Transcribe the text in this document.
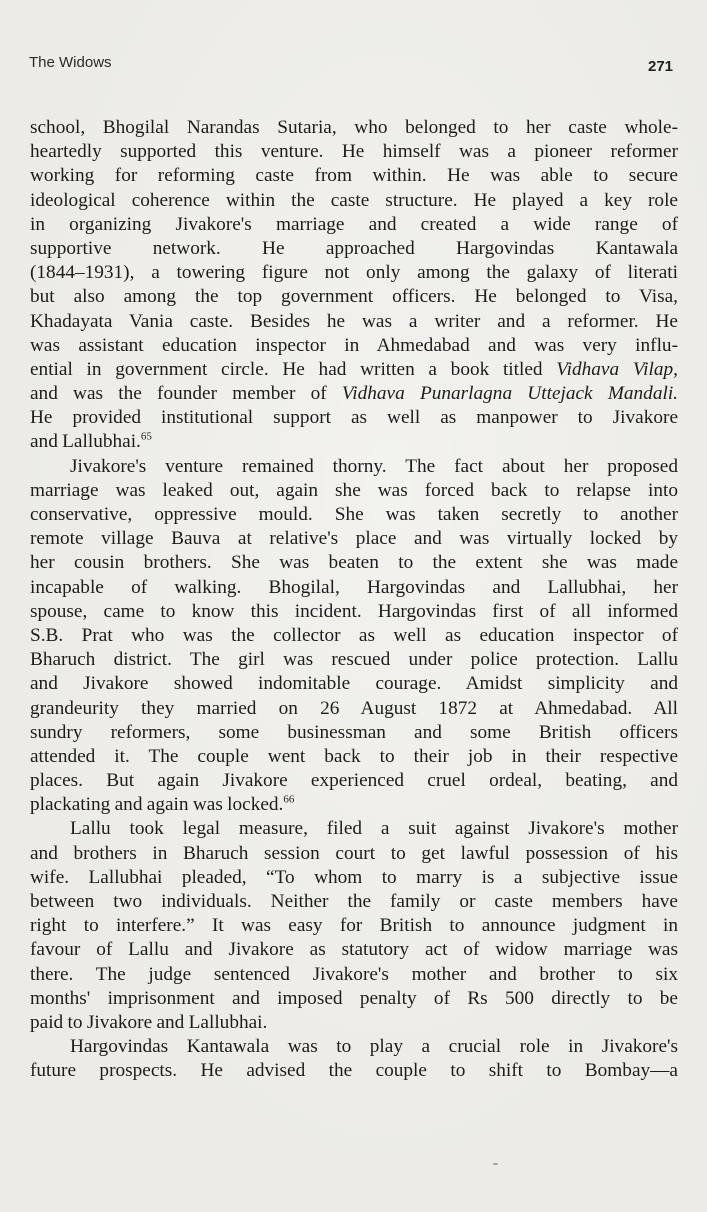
The Widows	271
school, Bhogilal Narandas Sutaria, who belonged to her caste whole-
heartedly supported this venture. He himself was a pioneer reformer
working for reforming caste from within. He was able to secure
ideological coherence within the caste structure. He played a key role
in organizing Jivakore's marriage and created a wide range of
supportive network. He approached Hargovindas Kantawala
(1844–1931), a towering figure not only among the galaxy of literati
but also among the top government officers. He belonged to Visa,
Khadayata Vania caste. Besides he was a writer and a reformer. He
was assistant education inspector in Ahmedabad and was very influ-
ential in government circle. He had written a book titled Vidhava Vilap,
and was the founder member of Vidhava Punarlagna Uttejack Mandali.
He provided institutional support as well as manpower to Jivakore
and Lallubhai.$^{65}$
Jivakore's venture remained thorny. The fact about her proposed
marriage was leaked out, again she was forced back to relapse into
conservative, oppressive mould. She was taken secretly to another
remote village Bauva at relative's place and was virtually locked by
her cousin brothers. She was beaten to the extent she was made
incapable of walking. Bhogilal, Hargovindas and Lallubhai, her
spouse, came to know this incident. Hargovindas first of all informed
S.B. Prat who was the collector as well as education inspector of
Bharuch district. The girl was rescued under police protection. Lallu
and Jivakore showed indomitable courage. Amidst simplicity and
grandeurity they married on 26 August 1872 at Ahmedabad. All
sundry reformers, some businessman and some British officers
attended it. The couple went back to their job in their respective
places. But again Jivakore experienced cruel ordeal, beating, and
plackating and again was locked.$^{66}$
Lallu took legal measure, filed a suit against Jivakore's mother
and brothers in Bharuch session court to get lawful possession of his
wife. Lallubhai pleaded, “To whom to marry is a subjective issue
between two individuals. Neither the family or caste members have
right to interfere.” It was easy for British to announce judgment in
favour of Lallu and Jivakore as statutory act of widow marriage was
there. The judge sentenced Jivakore's mother and brother to six
months' imprisonment and imposed penalty of Rs 500 directly to be
paid to Jivakore and Lallubhai.
Hargovindas Kantawala was to play a crucial role in Jivakore's
future prospects. He advised the couple to shift to Bombay—a
